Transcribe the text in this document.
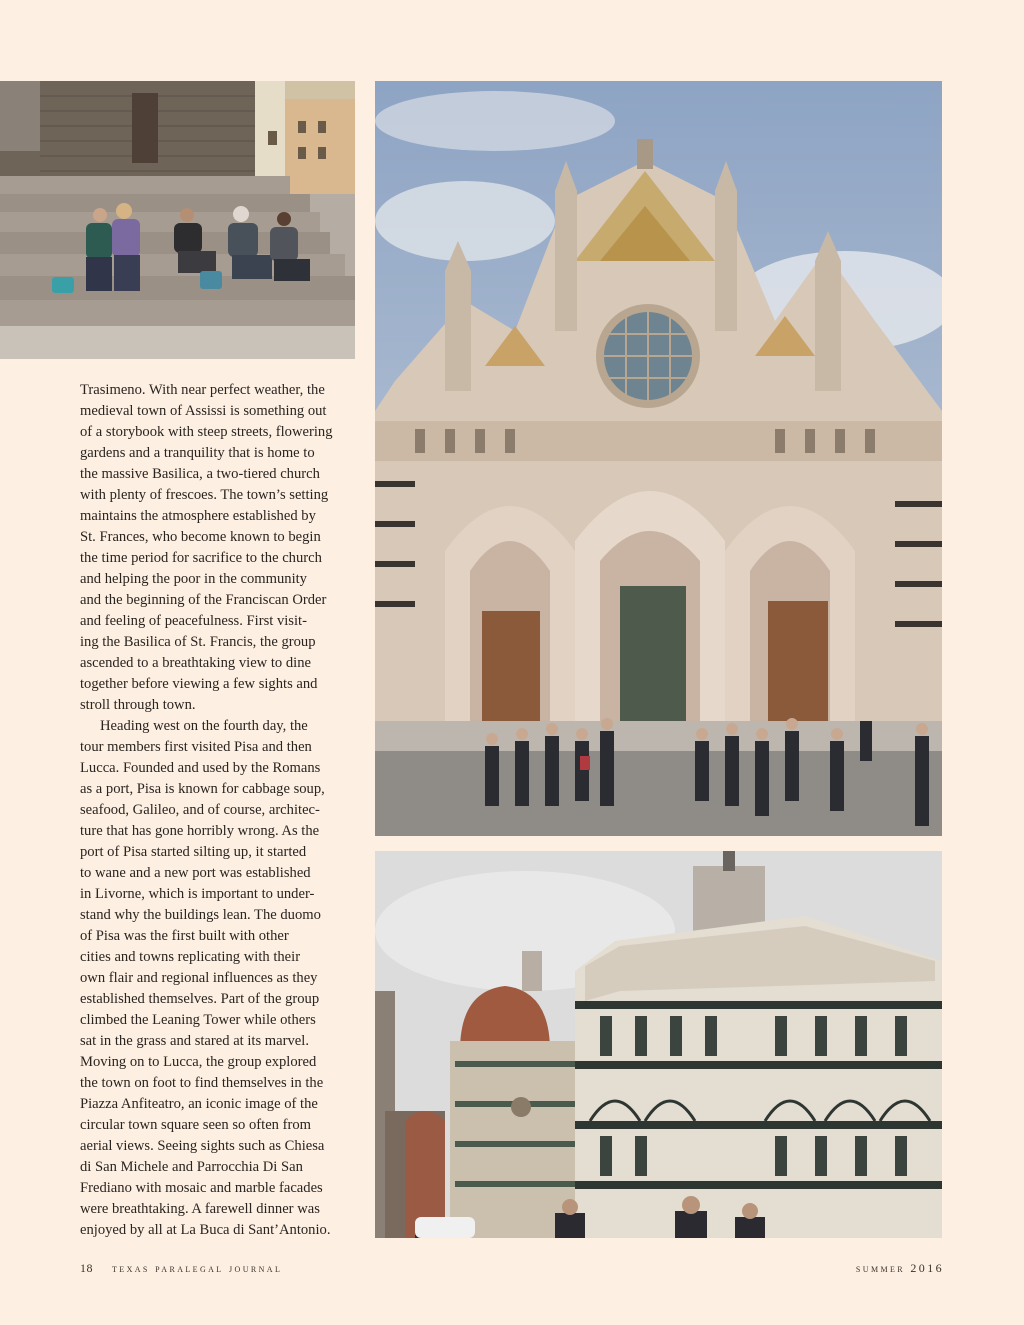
Trasimeno. With near perfect weather, the
medieval town of Assissi is something out
of a storybook with steep streets, flowering
gardens and a tranquility that is home to
the massive Basilica, a two-tiered church
with plenty of frescoes. The town’s setting
maintains the atmosphere established by
St. Frances, who become known to begin
the time period for sacrifice to the church
and helping the poor in the community
and the beginning of the Franciscan Order
and feeling of peacefulness. First visit-
ing the Basilica of St. Francis, the group
ascended to a breathtaking view to dine
together before viewing a few sights and
stroll through town.

Heading west on the fourth day, the
tour members first visited Pisa and then
Lucca. Founded and used by the Romans
as a port, Pisa is known for cabbage soup,
seafood, Galileo, and of course, architec-
ture that has gone horribly wrong. As the
port of Pisa started silting up, it started
to wane and a new port was established
in Livorne, which is important to under-
stand why the buildings lean. The duomo
of Pisa was the first built with other
cities and towns replicating with their
own flair and regional influences as they
established themselves. Part of the group
climbed the Leaning Tower while others
sat in the grass and stared at its marvel.
Moving on to Lucca, the group explored
the town on foot to find themselves in the
Piazza Anfiteatro, an iconic image of the
circular town square seen so often from
aerial views. Seeing sights such as Chiesa
di San Michele and Parrocchia Di San
Frediano with mosaic and marble facades
were breathtaking. A farewell dinner was
enjoyed by all at La Buca di Sant’Antonio.

18 texas paralegal journal	summer 2016
